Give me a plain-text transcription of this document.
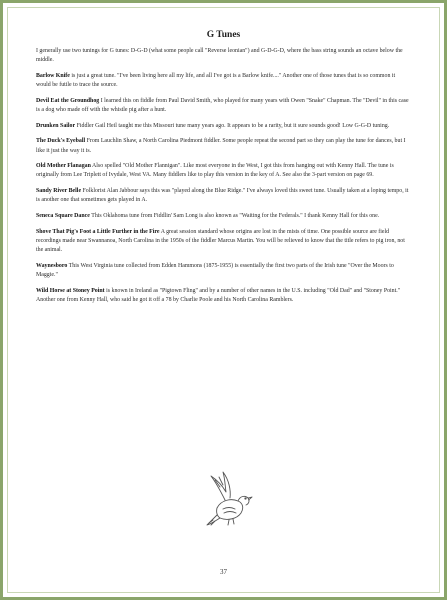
G Tunes

I generally use two tunings for G tunes: D-G-D (what some people call "Reverse leonian") and G-D-G-D, where the bass string sounds an octave below the middle.

Barlow Knife is just a great tune. "I've been living here all my life, and all I've got is a Barlow knife...." Another one of those tunes that is so common it would be futile to trace the source.

Devil Eat the Groundhog I learned this on fiddle from Paul David Smith, who played for many years with Owen "Snake" Chapman. The "Devil" in this case is a dog who made off with the whistle pig after a hunt.

Drunken Sailor Fiddler Gail Heil taught me this Missouri tune many years ago. It appears to be a rarity, but it sure sounds good! Low G-G-D tuning.

The Duck's Eyeball From Lauchlin Shaw, a North Carolina Piedmont fiddler. Some people repeat the second part so they can play the tune for dances, but I like it just the way it is.

Old Mother Flanagan Also spelled "Old Mother Flannigan". Like most everyone in the West, I got this from hanging out with Kenny Hall. The tune is originally from Lee Triplett of Ivydale, West VA. Many fiddlers like to play this version in the key of A. See also the 3-part version on page 69.

Sandy River Belle Folklorist Alan Jabbour says this was "played along the Blue Ridge." I've always loved this sweet tune. Usually taken at a loping tempo, it is another one that sometimes gets played in A.

Seneca Square Dance This Oklahoma tune from Fiddlin' Sam Long is also known as "Waiting for the Federals." I thank Kenny Hall for this one.

Shove That Pig's Foot a Little Further in the Fire A great session standard whose origins are lost in the mists of time. One possible source are field recordings made near Swannanoa, North Carolina in the 1950s of the fiddler Marcus Martin. You will be relieved to know that the title refers to pig iron, not the animal.

Waynesboro This West Virginia tune collected from Edden Hammons (1875-1955) is essentially the first two parts of the Irish tune "Over the Moors to Maggie."

Wild Horse at Stoney Point is known in Ireland as "Pigtown Fling" and by a number of other names in the U.S. including "Old Dad" and "Stoney Point." Another one from Kenny Hall, who said he got it off a 78 by Charlie Poole and his North Carolina Ramblers.

37
